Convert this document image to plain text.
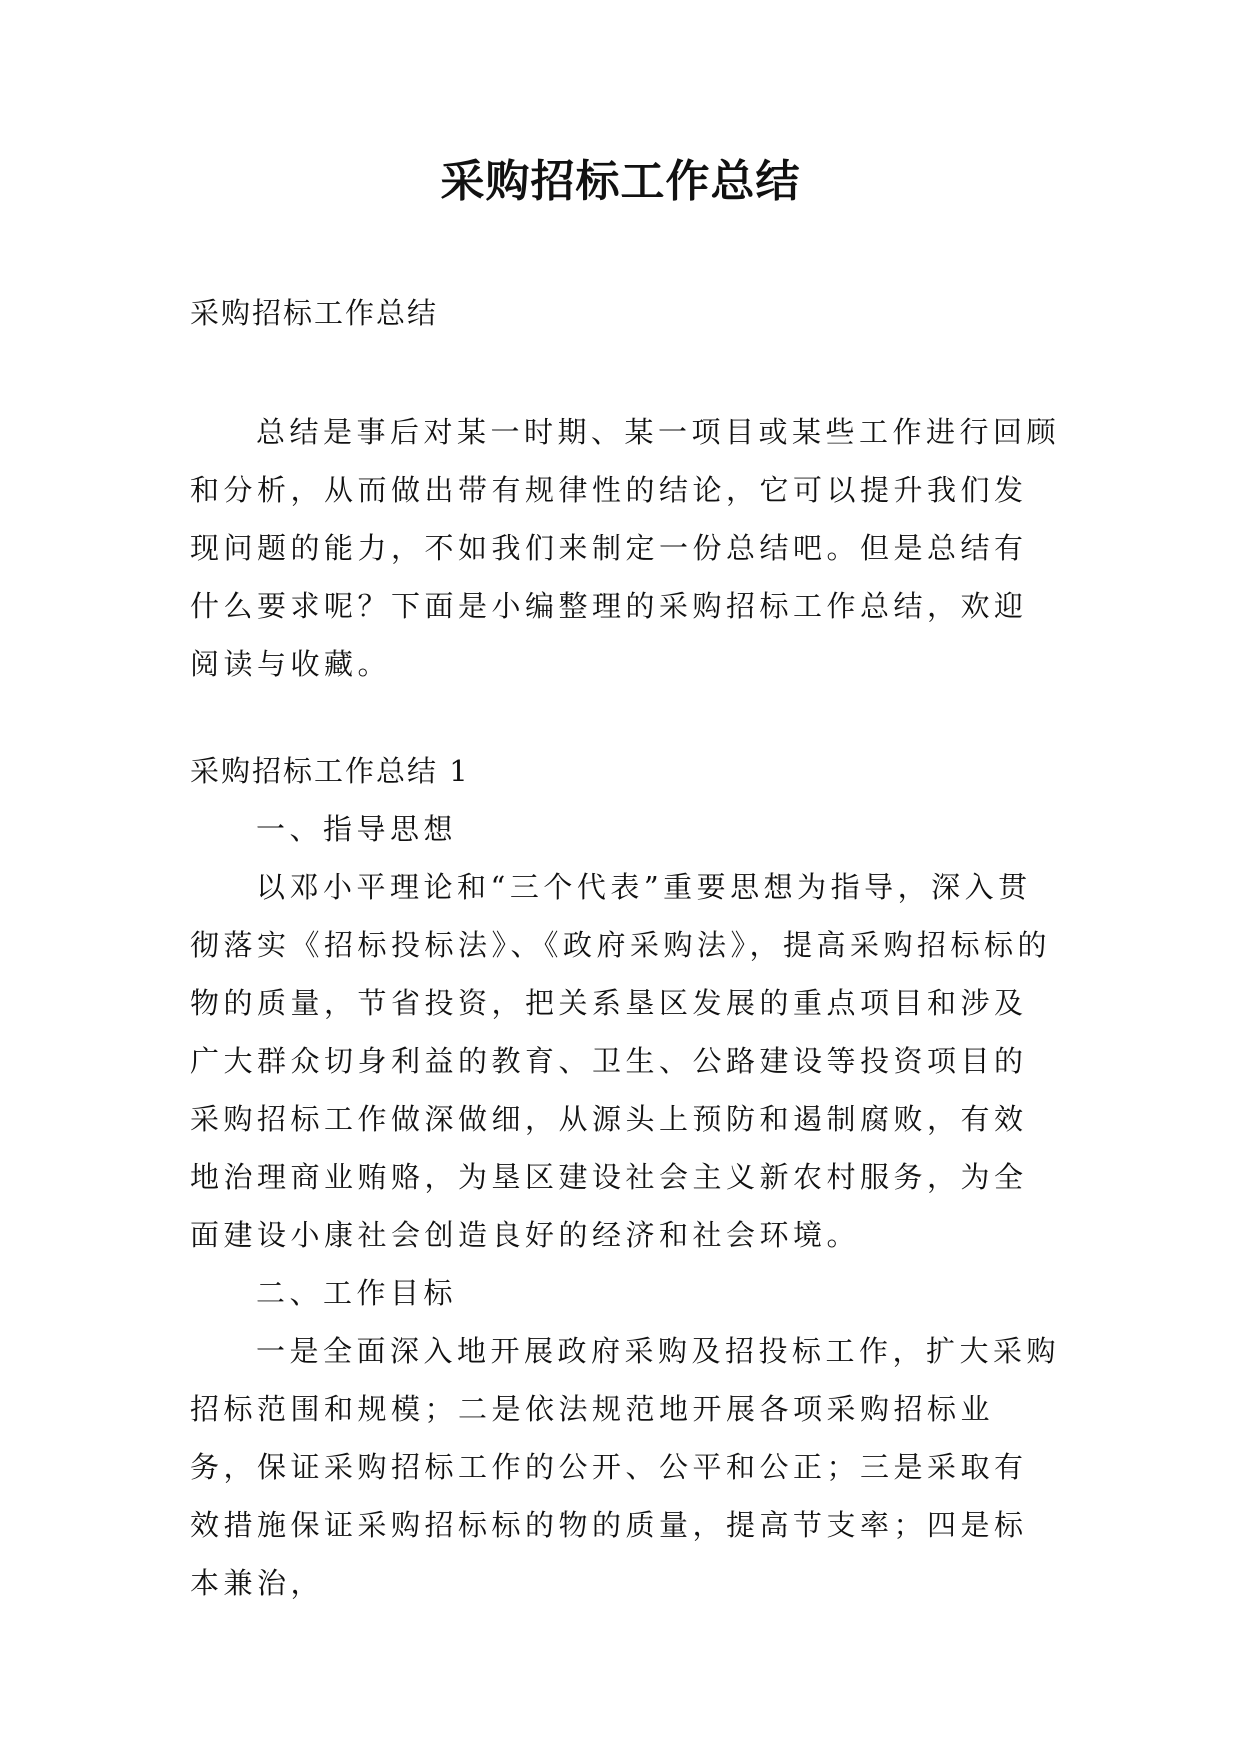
采购招标工作总结

采购招标工作总结

总结是事后对某一时期、某一项目或某些工作进行回顾和分析，从而做出带有规律性的结论，它可以提升我们发现问题的能力，不如我们来制定一份总结吧。但是总结有什么要求呢？下面是小编整理的采购招标工作总结，欢迎阅读与收藏。

采购招标工作总结 1

一、指导思想

以邓小平理论和“三个代表”重要思想为指导，深入贯彻落实《招标投标法》、《政府采购法》，提高采购招标标的物的质量，节省投资，把关系垦区发展的重点项目和涉及广大群众切身利益的教育、卫生、公路建设等投资项目的采购招标工作做深做细，从源头上预防和遏制腐败，有效地治理商业贿赂，为垦区建设社会主义新农村服务，为全面建设小康社会创造良好的经济和社会环境。

二、工作目标

一是全面深入地开展政府采购及招投标工作，扩大采购招标范围和规模；二是依法规范地开展各项采购招标业务，保证采购招标工作的公开、公平和公正；三是采取有效措施保证采购招标标的物的质量，提高节支率；四是标本兼治，
